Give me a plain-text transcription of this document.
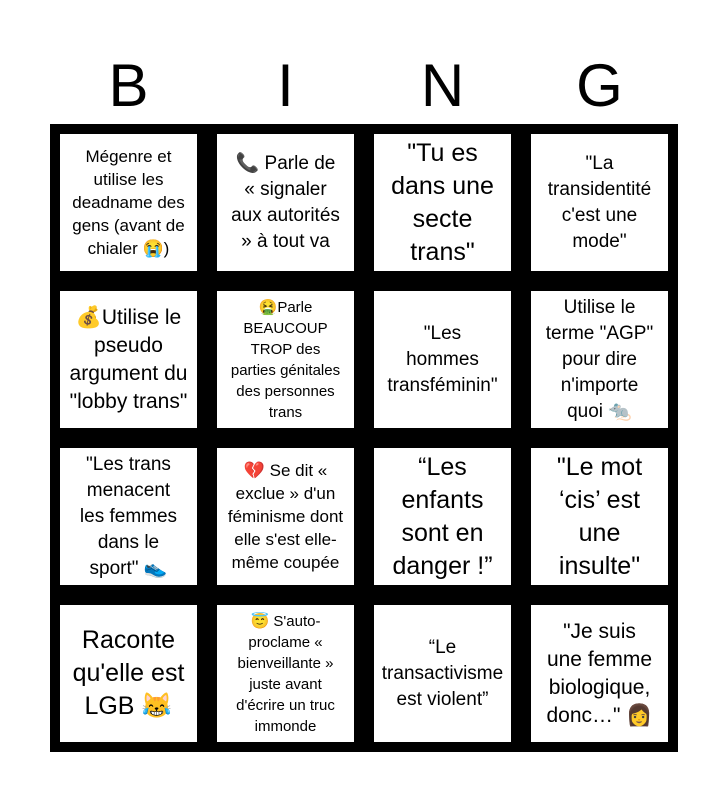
B	I	N	G
Mégenre et
utilise les
deadname des
gens (avant de
chialer 😭)
📞 Parle de
« signaler
aux autorités
» à tout va
"Tu es
dans une
secte
trans"
"La
transidentité
c'est une
mode"
💰Utilise le
pseudo
argument du
"lobby trans"
🤮Parle
BEAUCOUP
TROP des
parties génitales
des personnes
trans
"Les
hommes
transféminin"
Utilise le
terme "AGP"
pour dire
n'importe
quoi 🐀
"Les trans
menacent
les femmes
dans le
sport" 👟
💔 Se dit «
exclue » d'un
féminisme dont
elle s'est elle-
même coupée
“Les
enfants
sont en
danger !”
"Le mot
‘cis’ est
une
insulte"
Raconte
qu'elle est
LGB 😹
😇 S'auto-
proclame «
bienveillante »
juste avant
d'écrire un truc
immonde
“Le
transactivisme
est violent”
"Je suis
une femme
biologique,
donc…" 👩
